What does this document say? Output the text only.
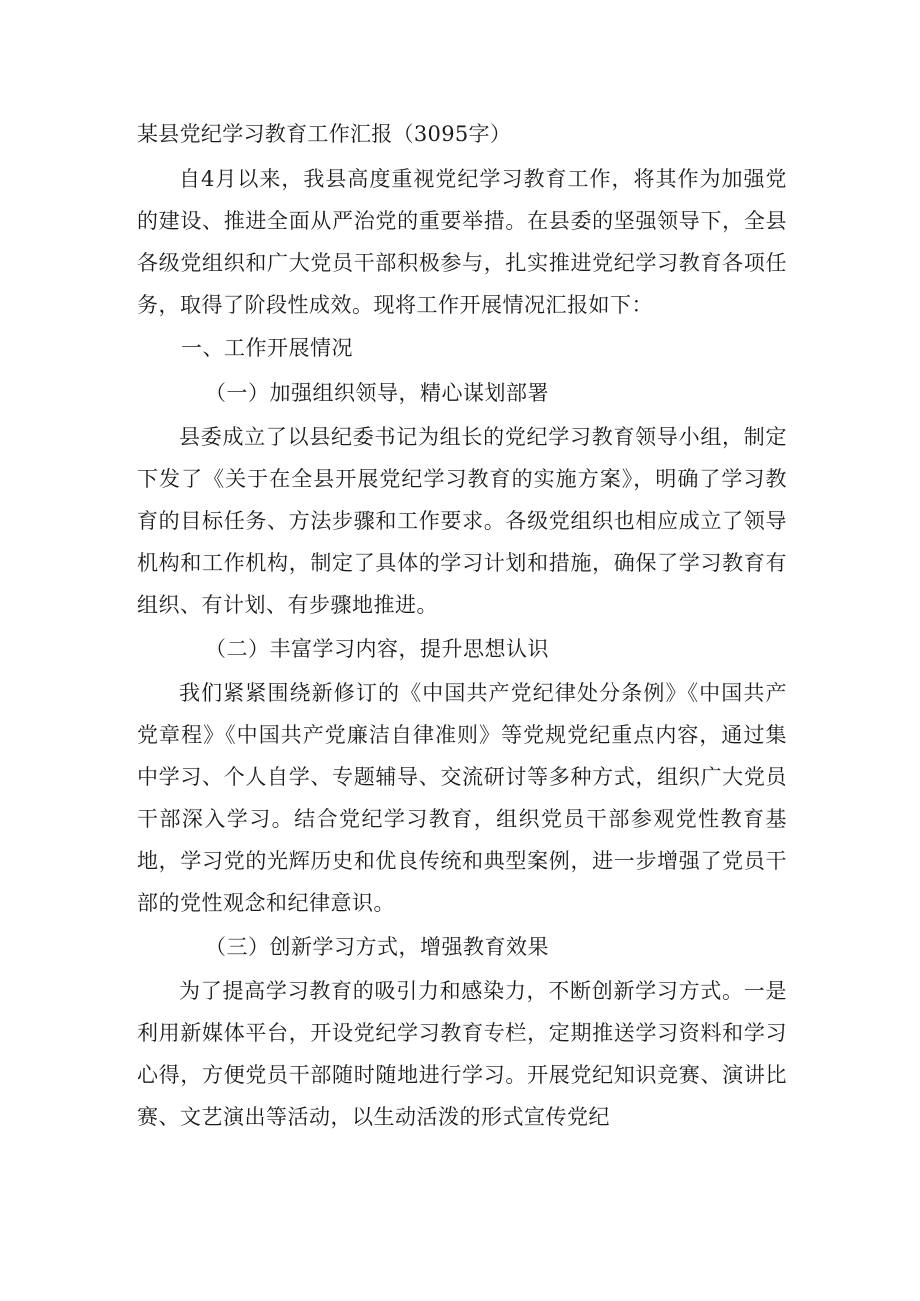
某县党纪学习教育工作汇报（3095字）

自4月以来，我县高度重视党纪学习教育工作，将其作为加强党的建设、推进全面从严治党的重要举措。在县委的坚强领导下，全县各级党组织和广大党员干部积极参与，扎实推进党纪学习教育各项任务，取得了阶段性成效。现将工作开展情况汇报如下：

一、工作开展情况

（一）加强组织领导，精心谋划部署

县委成立了以县纪委书记为组长的党纪学习教育领导小组，制定下发了《关于在全县开展党纪学习教育的实施方案》，明确了学习教育的目标任务、方法步骤和工作要求。各级党组织也相应成立了领导机构和工作机构，制定了具体的学习计划和措施，确保了学习教育有组织、有计划、有步骤地推进。

（二）丰富学习内容，提升思想认识

我们紧紧围绕新修订的《中国共产党纪律处分条例》《中国共产党章程》《中国共产党廉洁自律准则》等党规党纪重点内容，通过集中学习、个人自学、专题辅导、交流研讨等多种方式，组织广大党员干部深入学习。结合党纪学习教育，组织党员干部参观党性教育基地，学习党的光辉历史和优良传统和典型案例，进一步增强了党员干部的党性观念和纪律意识。

（三）创新学习方式，增强教育效果

为了提高学习教育的吸引力和感染力，不断创新学习方式。一是利用新媒体平台，开设党纪学习教育专栏，定期推送学习资料和学习心得，方便党员干部随时随地进行学习。开展党纪知识竞赛、演讲比赛、文艺演出等活动，以生动活泼的形式宣传党纪
